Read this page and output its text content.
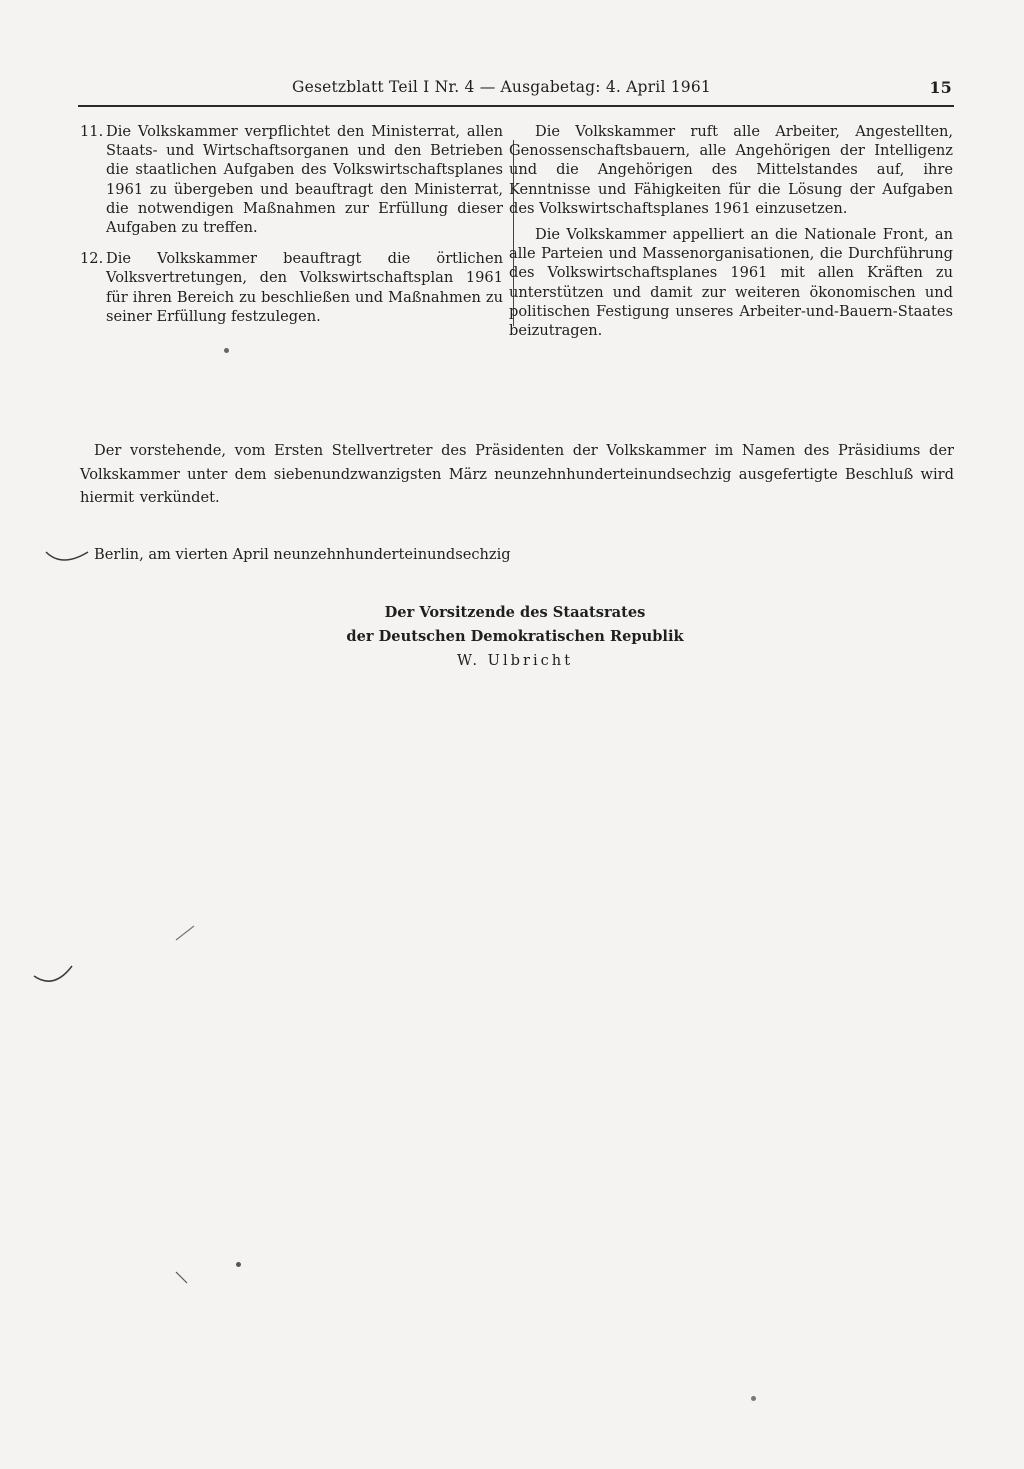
Gesetzblatt Teil I Nr. 4 — Ausgabetag: 4. April 1961	15
11. Die Volkskammer verpflichtet den Ministerrat, allen Staats- und Wirtschaftsorganen und den Betrieben die staatlichen Aufgaben des Volkswirtschaftsplanes 1961 zu übergeben und beauftragt den Ministerrat, die notwendigen Maßnahmen zur Erfüllung dieser Aufgaben zu treffen.
12. Die Volkskammer beauftragt die örtlichen Volksvertretungen, den Volkswirtschaftsplan 1961 für ihren Bereich zu beschließen und Maßnahmen zu seiner Erfüllung festzulegen.

Die Volkskammer ruft alle Arbeiter, Angestellten, Genossenschaftsbauern, alle Angehörigen der Intelligenz und die Angehörigen des Mittelstandes auf, ihre Kenntnisse und Fähigkeiten für die Lösung der Aufgaben des Volkswirtschaftsplanes 1961 einzusetzen.

Die Volkskammer appelliert an die Nationale Front, an alle Parteien und Massenorganisationen, die Durchführung des Volkswirtschaftsplanes 1961 mit allen Kräften zu unterstützen und damit zur weiteren ökonomischen und politischen Festigung unseres Arbeiter-und-Bauern-Staates beizutragen.

Der vorstehende, vom Ersten Stellvertreter des Präsidenten der Volkskammer im Namen des Präsidiums der Volkskammer unter dem siebenundzwanzigsten März neunzehnhunderteinundsechzig ausgefertigte Beschluß wird hiermit verkündet.

Berlin, am vierten April neunzehnhunderteinundsechzig
Der Vorsitzende des Staatsrates
der Deutschen Demokratischen Republik
W. Ulbricht
